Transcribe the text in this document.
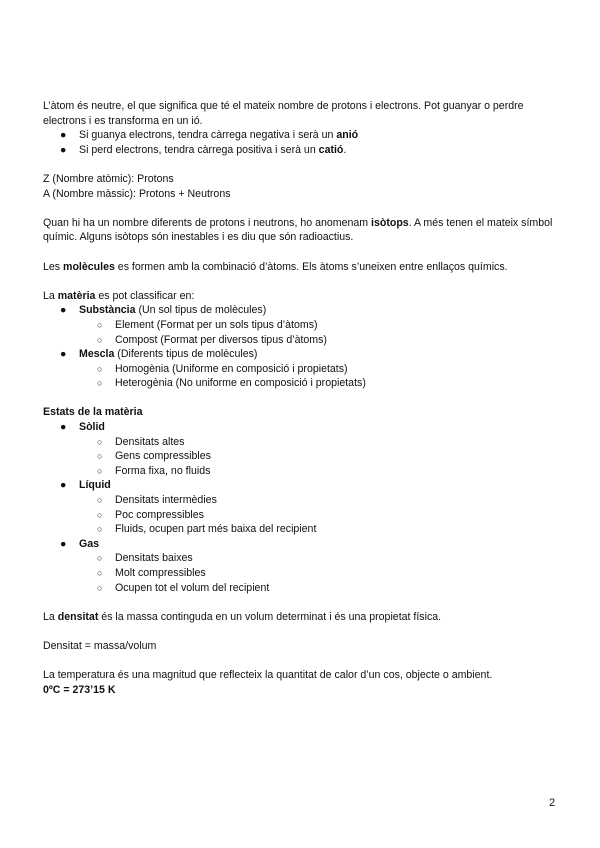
L’àtom és neutre, el que significa que té el mateix nombre de protons i electrons. Pot guanyar o perdre electrons i es transforma en un ió.

● Si guanya electrons, tendra càrrega negativa i serà un anió
● Si perd electrons, tendra càrrega positiva i serà un catió.

Z (Nombre atòmic): Protons

A (Nombre màssic): Protons + Neutrons

Quan hi ha un nombre diferents de protons i neutrons, ho anomenam isòtops. A més tenen el mateix símbol químic. Alguns isòtops són inestables i es diu que són radioactius.

Les molècules es formen amb la combinació d’àtoms. Els àtoms s’uneixen entre enllaços químics.

La matèria es pot classificar en:

● Substància (Un sol tipus de molècules)
○ Element (Format per un sols tipus d’àtoms)
○ Compost (Format per diversos tipus d’àtoms)
● Mescla (Diferents tipus de molècules)
○ Homogènia (Uniforme en composició i propietats)
○ Heterogènia (No uniforme en composició i propietats)

Estats de la matèria

● Sòlid
○ Densitats altes
○ Gens compressibles
○ Forma fixa, no fluids
● Líquid
○ Densitats intermèdies
○ Poc compressibles
○ Fluids, ocupen part més baixa del recipient
● Gas
○ Densitats baixes
○ Molt compressibles
○ Ocupen tot el volum del recipient

La densitat és la massa continguda en un volum determinat i és una propietat física.

Densitat = massa/volum

La temperatura és una magnitud que reflecteix la quantitat de calor d’un cos, objecte o ambient.

0ºC = 273’15 K

2
